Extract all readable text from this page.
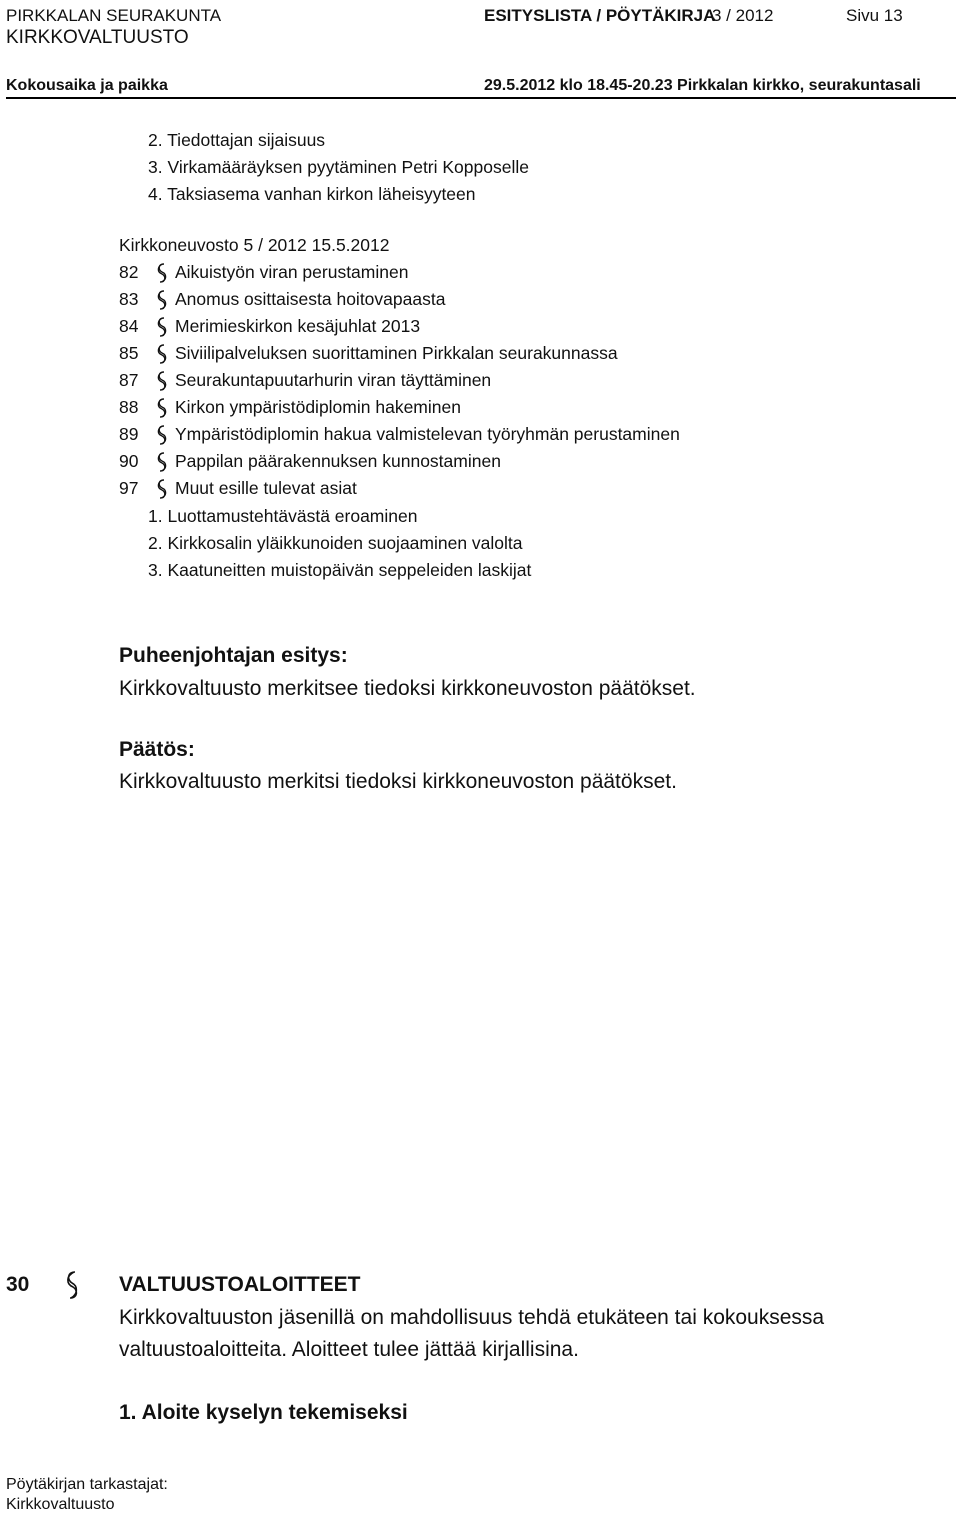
PIRKKALAN SEURAKUNTA
KIRKKOVALTUUSTO
ESITYSLISTA / PÖYTÄKIRJA
3 / 2012	Sivu 13
Kokousaika ja paikka	29.5.2012 klo 18.45-20.23 Pirkkalan kirkko, seurakuntasali
2. Tiedottajan sijaisuus
3. Virkamääräyksen pyytäminen Petri Kopposelle
4. Taksiasema vanhan kirkon läheisyyteen
Kirkkoneuvosto 5 / 2012 15.5.2012
82	Aikuistyön viran perustaminen
83	Anomus osittaisesta hoitovapaasta
84	Merimieskirkon kesäjuhlat 2013
85	Siviilipalveluksen suorittaminen Pirkkalan seurakunnassa
87	Seurakuntapuutarhurin viran täyttäminen
88	Kirkon ympäristödiplomin hakeminen
89	Ympäristödiplomin hakua valmistelevan työryhmän perustaminen
90	Pappilan päärakennuksen kunnostaminen
97	Muut esille tulevat asiat
1. Luottamustehtävästä eroaminen
2. Kirkkosalin yläikkunoiden suojaaminen valolta
3. Kaatuneitten muistopäivän seppeleiden laskijat
Puheenjohtajan esitys:
Kirkkovaltuusto merkitsee tiedoksi kirkkoneuvoston päätökset.
Päätös:
Kirkkovaltuusto merkitsi tiedoksi kirkkoneuvoston päätökset.
30	VALTUUSTOALOITTEET
Kirkkovaltuuston jäsenillä on mahdollisuus tehdä etukäteen tai kokouksessa
valtuustoaloitteita. Aloitteet tulee jättää kirjallisina.
1. Aloite kyselyn tekemiseksi
Pöytäkirjan tarkastajat:
Kirkkovaltuusto
